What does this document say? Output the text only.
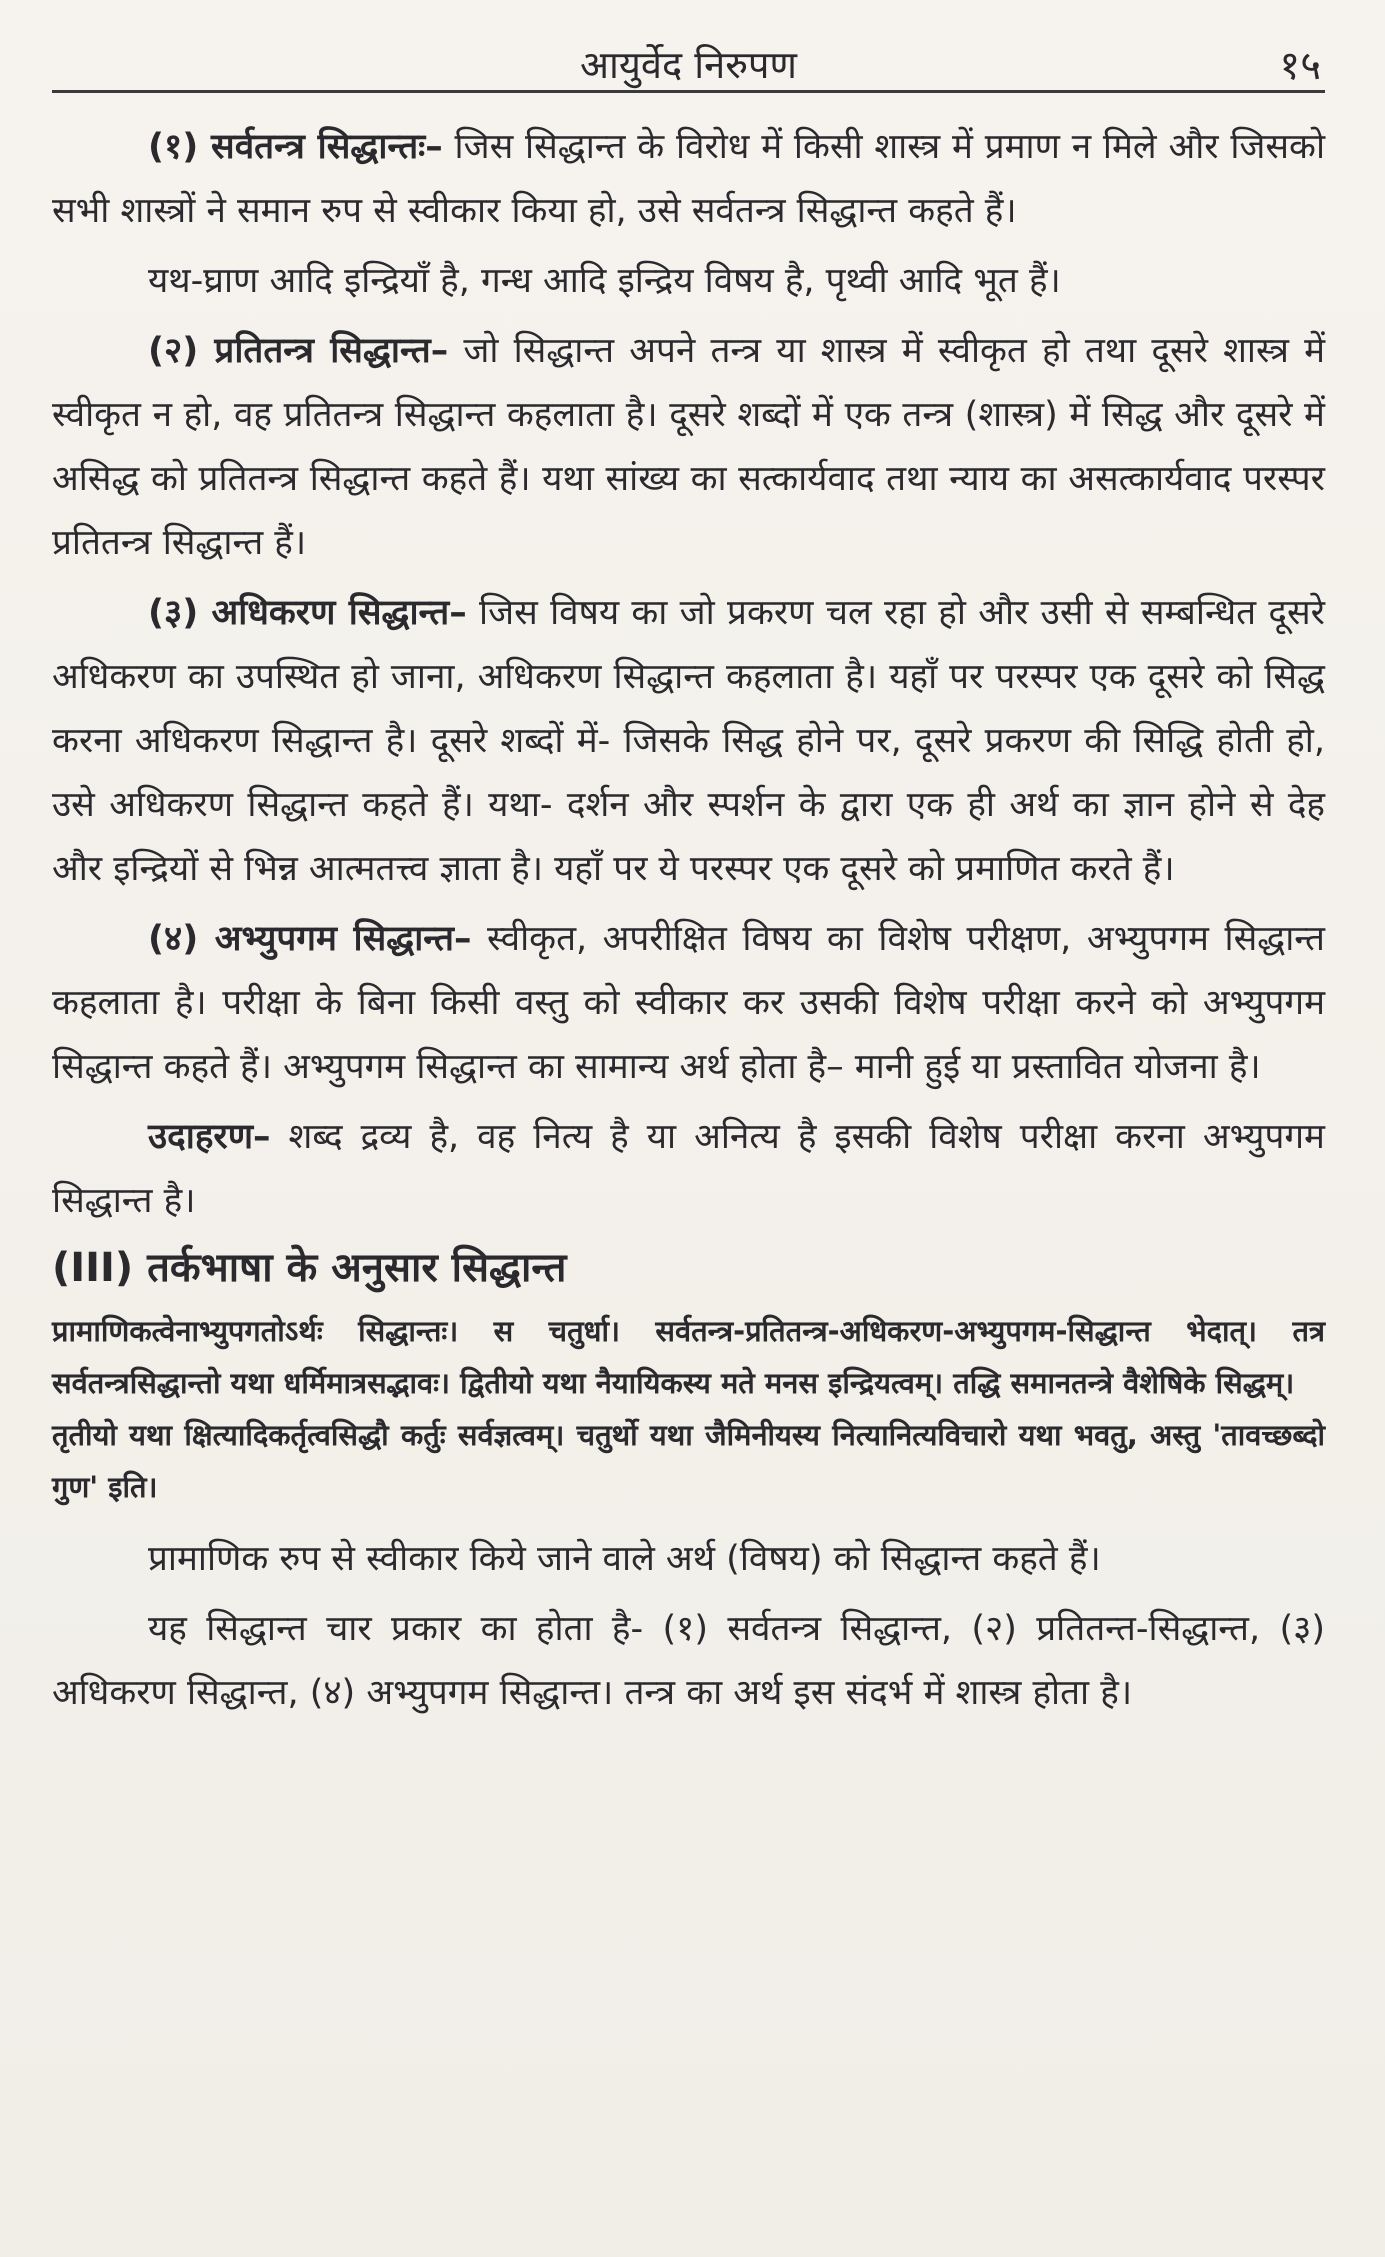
आयुर्वेद निरुपण	१५

(१) सर्वतन्त्र सिद्धान्तः– जिस सिद्धान्त के विरोध में किसी शास्त्र में प्रमाण न मिले और जिसको सभी शास्त्रों ने समान रुप से स्वीकार किया हो, उसे सर्वतन्त्र सिद्धान्त कहते हैं।

यथ-घ्राण आदि इन्द्रियाँ है, गन्ध आदि इन्द्रिय विषय है, पृथ्वी आदि भूत हैं।

(२) प्रतितन्त्र सिद्धान्त– जो सिद्धान्त अपने तन्त्र या शास्त्र में स्वीकृत हो तथा दूसरे शास्त्र में स्वीकृत न हो, वह प्रतितन्त्र सिद्धान्त कहलाता है। दूसरे शब्दों में एक तन्त्र (शास्त्र) में सिद्ध और दूसरे में असिद्ध को प्रतितन्त्र सिद्धान्त कहते हैं। यथा सांख्य का सत्कार्यवाद तथा न्याय का असत्कार्यवाद परस्पर प्रतितन्त्र सिद्धान्त हैं।

(३) अधिकरण सिद्धान्त– जिस विषय का जो प्रकरण चल रहा हो और उसी से सम्बन्धित दूसरे अधिकरण का उपस्थित हो जाना, अधिकरण सिद्धान्त कहलाता है। यहाँ पर परस्पर एक दूसरे को सिद्ध करना अधिकरण सिद्धान्त है। दूसरे शब्दों में- जिसके सिद्ध होने पर, दूसरे प्रकरण की सिद्धि होती हो, उसे अधिकरण सिद्धान्त कहते हैं। यथा- दर्शन और स्पर्शन के द्वारा एक ही अर्थ का ज्ञान होने से देह और इन्द्रियों से भिन्न आत्मतत्त्व ज्ञाता है। यहाँ पर ये परस्पर एक दूसरे को प्रमाणित करते हैं।

(४) अभ्युपगम सिद्धान्त– स्वीकृत, अपरीक्षित विषय का विशेष परीक्षण, अभ्युपगम सिद्धान्त कहलाता है। परीक्षा के बिना किसी वस्तु को स्वीकार कर उसकी विशेष परीक्षा करने को अभ्युपगम सिद्धान्त कहते हैं। अभ्युपगम सिद्धान्त का सामान्य अर्थ होता है– मानी हुई या प्रस्तावित योजना है।

उदाहरण– शब्द द्रव्य है, वह नित्य है या अनित्य है इसकी विशेष परीक्षा करना अभ्युपगम सिद्धान्त है।

(III) तर्कभाषा के अनुसार सिद्धान्त

प्रामाणिकत्वेनाभ्युपगतोऽर्थः सिद्धान्तः। स चतुर्धा। सर्वतन्त्र-प्रतितन्त्र-अधिकरण-अभ्युपगम-सिद्धान्त भेदात्। तत्र सर्वतन्त्रसिद्धान्तो यथा धर्मिमात्रसद्भावः। द्वितीयो यथा नैयायिकस्य मते मनस इन्द्रियत्वम्। तद्धि समानतन्त्रे वैशेषिके सिद्धम्।

तृतीयो यथा क्षित्यादिकर्तृत्वसिद्धौ कर्तुः सर्वज्ञत्वम्। चतुर्थो यथा जैमिनीयस्य नित्यानित्यविचारो यथा भवतु, अस्तु 'तावच्छब्दो गुण' इति।

प्रामाणिक रुप से स्वीकार किये जाने वाले अर्थ (विषय) को सिद्धान्त कहते हैं।

यह सिद्धान्त चार प्रकार का होता है- (१) सर्वतन्त्र सिद्धान्त, (२) प्रतितन्त-सिद्धान्त, (३) अधिकरण सिद्धान्त, (४) अभ्युपगम सिद्धान्त। तन्त्र का अर्थ इस संदर्भ में शास्त्र होता है।
